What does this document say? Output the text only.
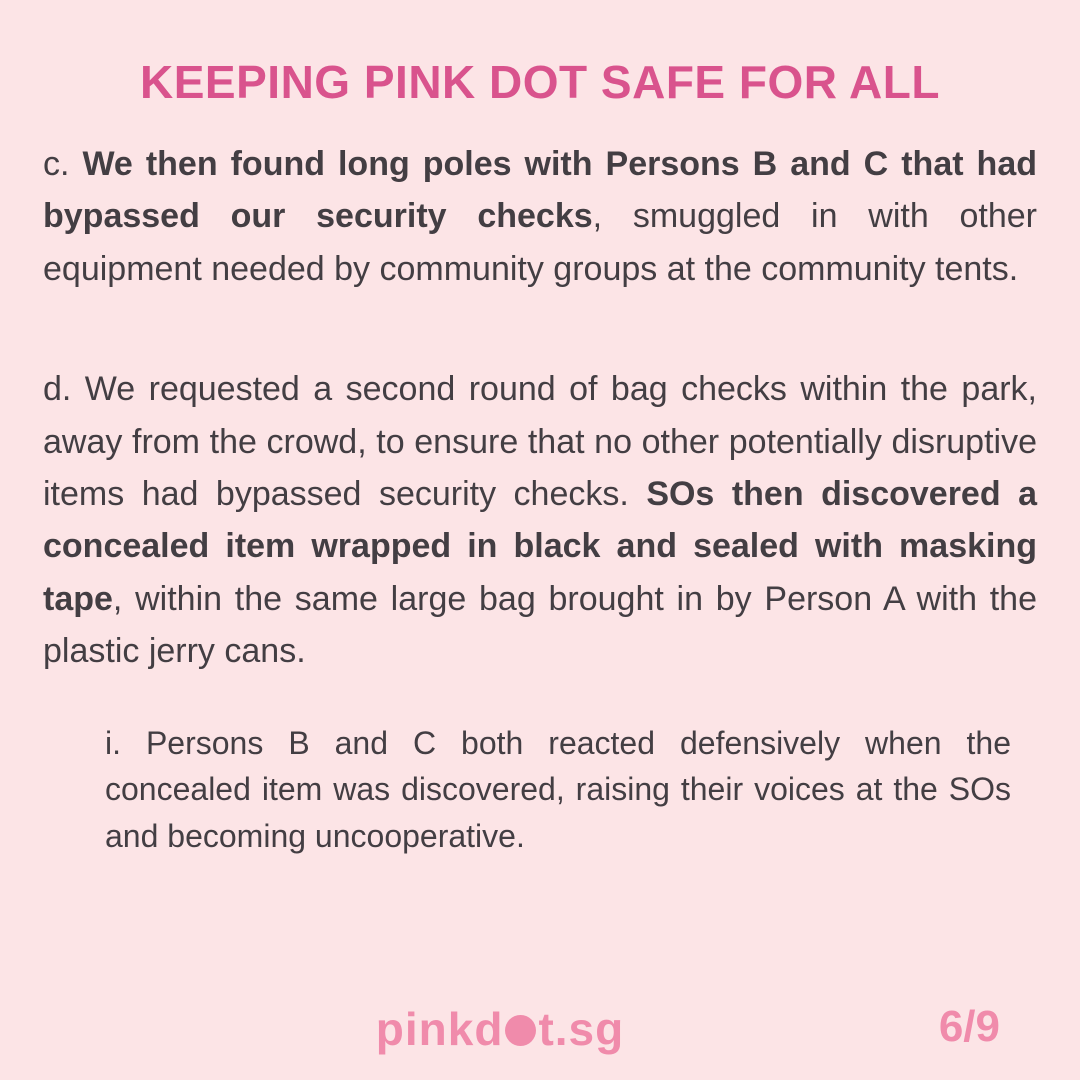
KEEPING PINK DOT SAFE FOR ALL

c. We then found long poles with Persons B and C that had bypassed our security checks, smuggled in with other equipment needed by community groups at the community tents.

d. We requested a second round of bag checks within the park, away from the crowd, to ensure that no other potentially disruptive items had bypassed security checks. SOs then discovered a concealed item wrapped in black and sealed with masking tape, within the same large bag brought in by Person A with the plastic jerry cans.

i. Persons B and C both reacted defensively when the concealed item was discovered, raising their voices at the SOs and becoming uncooperative.

pinkd t.sg	6/9
